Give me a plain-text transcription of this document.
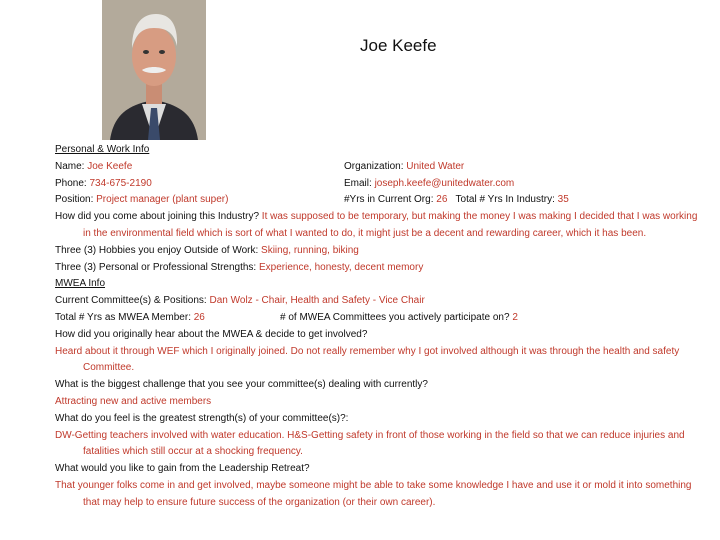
Joe Keefe
Personal & Work Info
Name: Joe Keefe	Organization: United Water
Phone: 734-675-2190	Email: joseph.keefe@unitedwater.com
Position: Project manager (plant super)	#Yrs in Current Org: 26 Total # Yrs In Industry: 35
How did you come about joining this Industry? It was supposed to be temporary, but making the money I was making I decided that I was working in the environmental field which is sort of what I wanted to do, it might just be a decent and rewarding career, which it has been.
Three (3) Hobbies you enjoy Outside of Work: Skiing, running, biking
Three (3) Personal or Professional Strengths: Experience, honesty, decent memory
MWEA Info
Current Committee(s) & Positions: Dan Wolz - Chair, Health and Safety - Vice Chair
Total # Yrs as MWEA Member: 26	# of MWEA Committees you actively participate on? 2
How did you originally hear about the MWEA & decide to get involved?
Heard about it through WEF which I originally joined. Do not really remember why I got involved although it was through the health and safety Committee.
What is the biggest challenge that you see your committee(s) dealing with currently?
Attracting new and active members
What do you feel is the greatest strength(s) of your committee(s)?:
DW-Getting teachers involved with water education. H&S-Getting safety in front of those working in the field so that we can reduce injuries and fatalities which still occur at a shocking frequency.
What would you like to gain from the Leadership Retreat?
That younger folks come in and get involved, maybe someone might be able to take some knowledge I have and use it or mold it into something that may help to ensure future success of the organization (or their own career).
